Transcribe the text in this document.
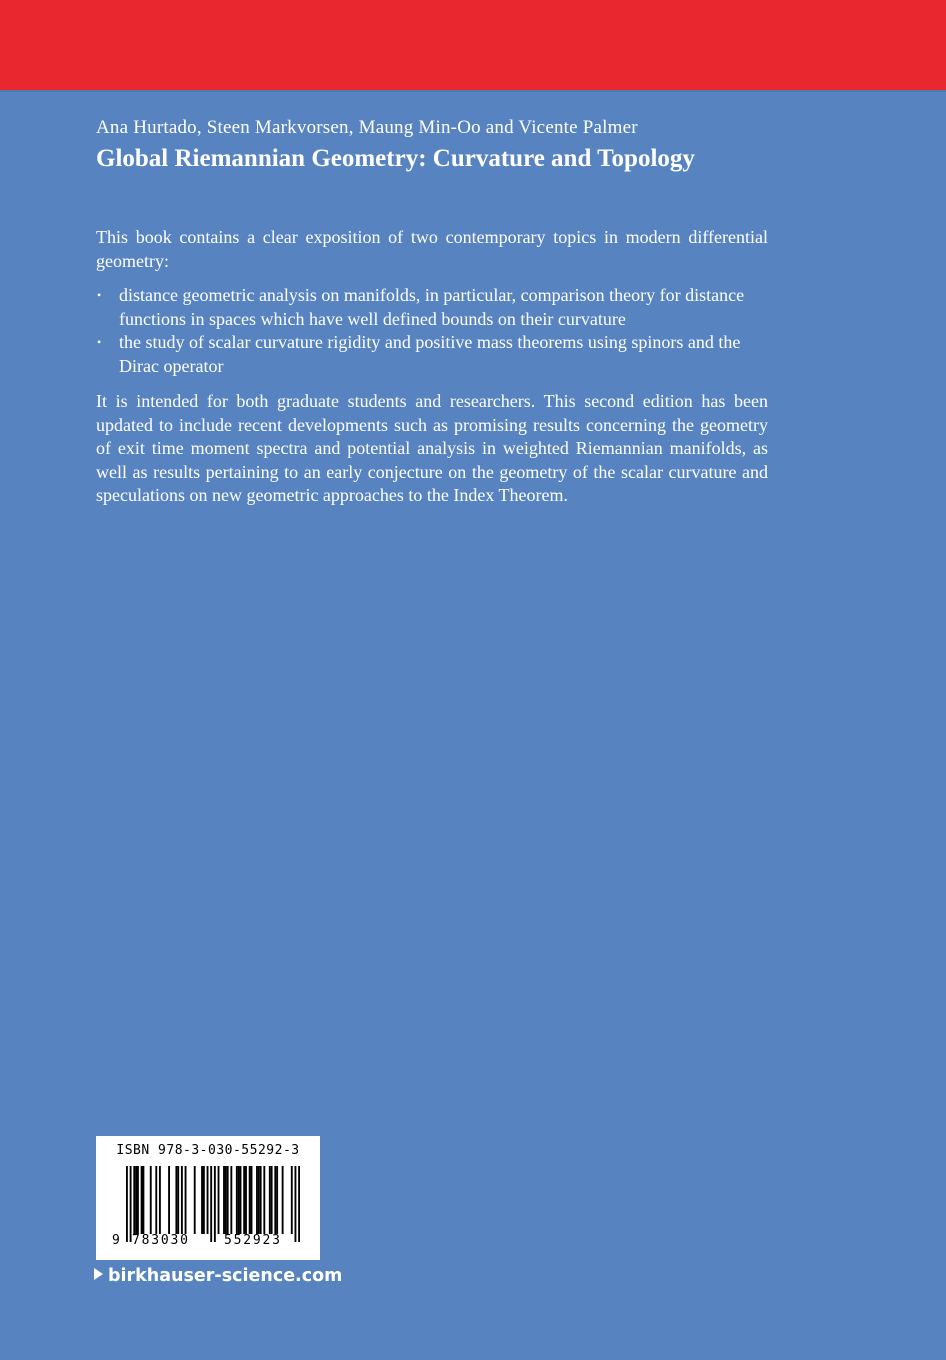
Ana Hurtado, Steen Markvorsen, Maung Min-Oo and Vicente Palmer
Global Riemannian Geometry: Curvature and Topology

This book contains a clear exposition of two contemporary topics in modern differential geometry:

• distance geometric analysis on manifolds, in particular, comparison theory for distance functions in spaces which have well defined bounds on their curvature
• the study of scalar curvature rigidity and positive mass theorems using spinors and the Dirac operator

It is intended for both graduate students and researchers. This second edition has been updated to include recent developments such as promising results concerning the geometry of exit time moment spectra and potential analysis in weighted Riemannian manifolds, as well as results pertaining to an early conjecture on the geometry of the scalar curvature and speculations on new geometric approaches to the Index Theorem.

ISBN 978-3-030-55292-3
9 783030	552923
birkhauser-science.com
